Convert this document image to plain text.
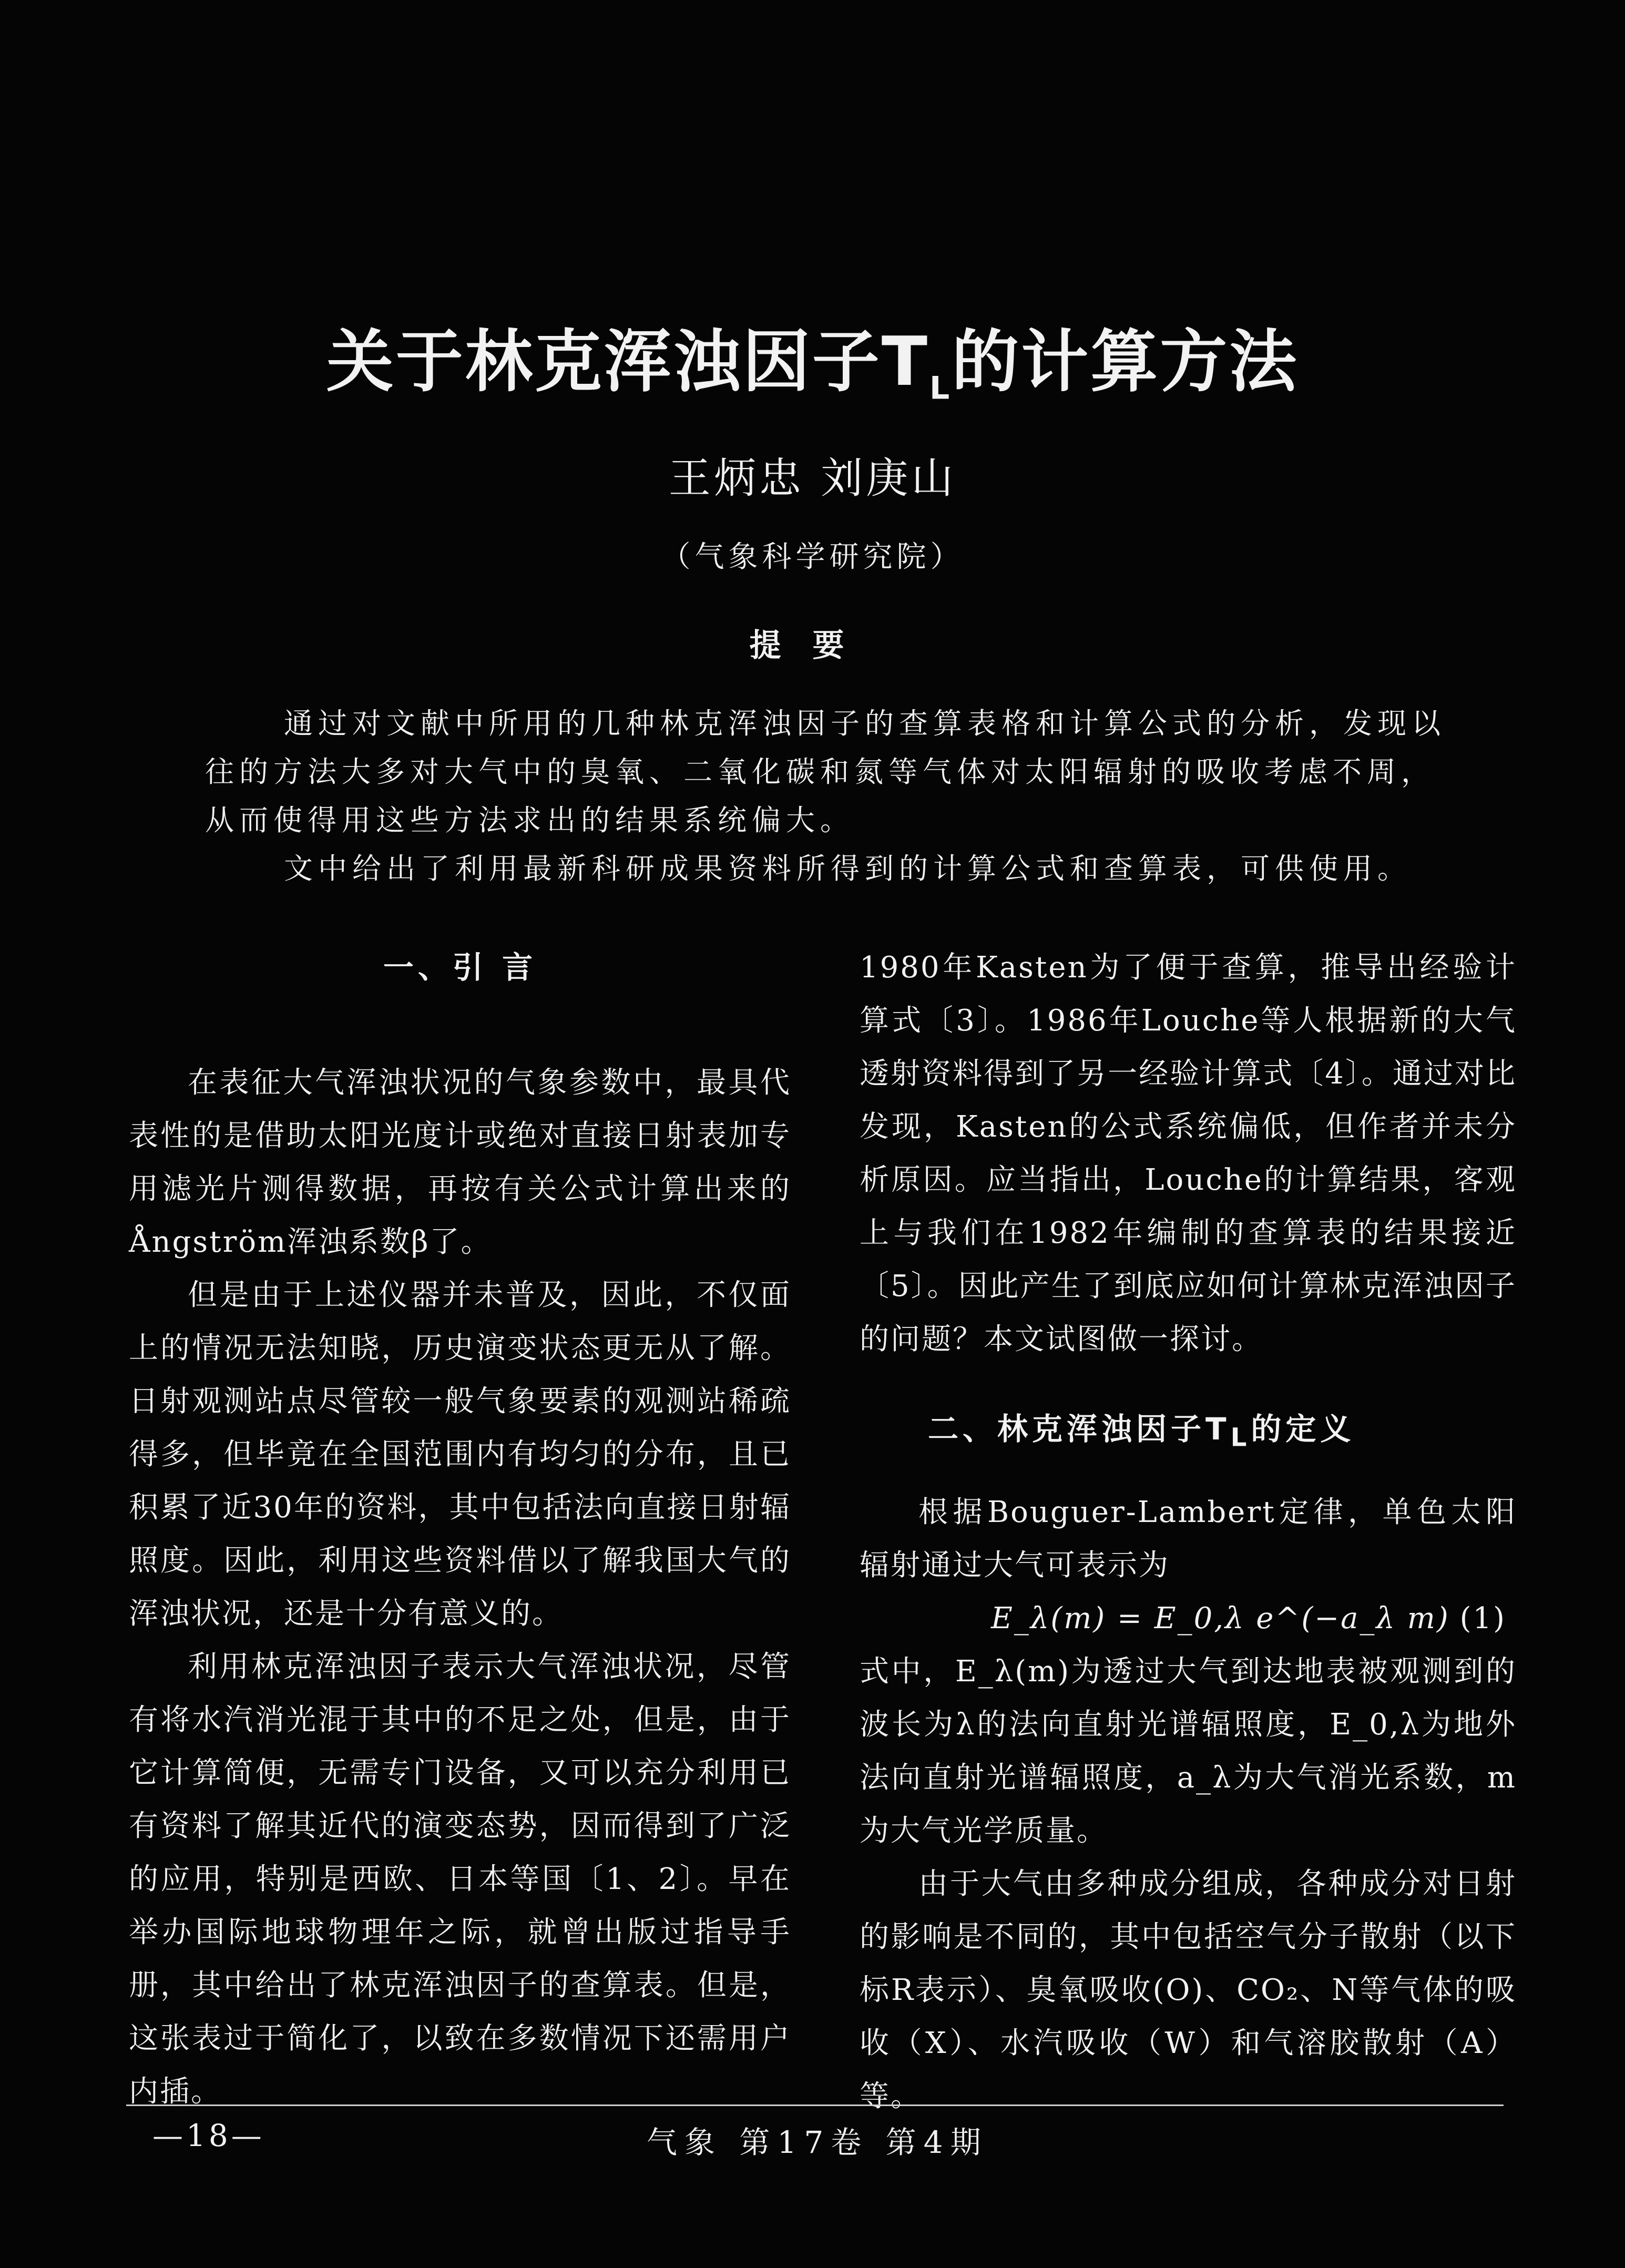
关于林克浑浊因子$T_L$的计算方法
王炳忠 刘庚山
（气象科学研究院）
提要

通过对文献中所用的几种林克浑浊因子的查算表格和计算公式的分析，发现以往的方法大多对大气中的臭氧、二氧化碳和氮等气体对太阳辐射的吸收考虑不周，从而使得用这些方法求出的结果系统偏大。

文中给出了利用最新科研成果资料所得到的计算公式和查算表，可供使用。

一、引 言

在表征大气浑浊状况的气象参数中，最具代表性的是借助太阳光度计或绝对直接日射表加专用滤光片测得数据，再按有关公式计算出来的Ångström浑浊系数β了。

但是由于上述仪器并未普及，因此，不仅面上的情况无法知晓，历史演变状态更无从了解。日射观测站点尽管较一般气象要素的观测站稀疏得多，但毕竟在全国范围内有均匀的分布，且已积累了近30年的资料，其中包括法向直接日射辐照度。因此，利用这些资料借以了解我国大气的浑浊状况，还是十分有意义的。

利用林克浑浊因子表示大气浑浊状况，尽管有将水汽消光混于其中的不足之处，但是，由于它计算简便，无需专门设备，又可以充分利用已有资料了解其近代的演变态势，因而得到了广泛的应用，特别是西欧、日本等国〔1、2〕。早在举办国际地球物理年之际，就曾出版过指导手册，其中给出了林克浑浊因子的查算表。但是，这张表过于简化了，以致在多数情况下还需用户内插。

1980年Kasten为了便于查算，推导出经验计算式〔3〕。1986年Louche等人根据新的大气透射资料得到了另一经验计算式〔4〕。通过对比发现，Kasten的公式系统偏低，但作者并未分析原因。应当指出，Louche的计算结果，客观上与我们在1982年编制的查算表的结果接近〔5〕。因此产生了到底应如何计算林克浑浊因子的问题？本文试图做一探讨。

二、林克浑浊因子$T_L$的定义

根据Bouguer-Lambert定律，单色太阳辐射通过大气可表示为

E_λ(m) = E_0,λ e^(−a_λ m) (1)

式中，E_λ(m)为透过大气到达地表被观测到的波长为λ的法向直射光谱辐照度，E_0,λ为地外法向直射光谱辐照度，a_λ为大气消光系数，m为大气光学质量。

由于大气由多种成分组成，各种成分对日射的影响是不同的，其中包括空气分子散射（以下标R表示）、臭氧吸收(O)、CO₂、N等气体的吸收（X）、水汽吸收（W）和气溶胶散射（A）等。

—18—	气象 第17卷 第4期
